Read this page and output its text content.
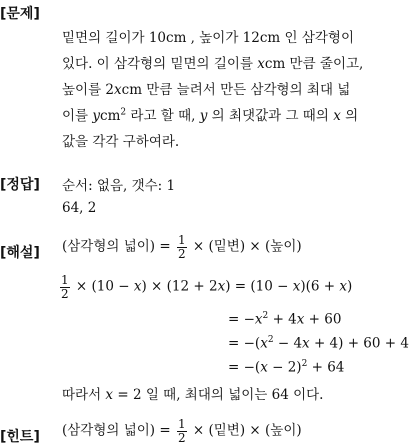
[문제]
[정답]
[해설]
[힌트]
밑면의 길이가 10cm , 높이가 12cm 인 삼각형이
있다. 이 삼각형의 밑면의 길이를 xcm 만큼 줄이고,
높이를 2xcm 만큼 늘려서 만든 삼각형의 최대 넓
이를 ycm$^2$ 라고 할 때, y 의 최댓값과 그 때의 x 의
값을 각각 구하여라.
순서: 없음, 갯수: 1
64, 2
(삼각형의 넓이) = $\frac{1}{2}$ × (밑변) × (높이)
$\frac{1}{2} \times (10 - x) \times (12 + 2x) = (10 - x)(6 + x)$
= $-x^2 + 4x + 60$
= $-(x^2 - 4x + 4) + 60 + 4$
= $-(x - 2)^2 + 64$
따라서 x = 2 일 때, 최대의 넓이는 64 이다.
(삼각형의 넓이) = $\frac{1}{2}$ × (밑변) × (높이)
